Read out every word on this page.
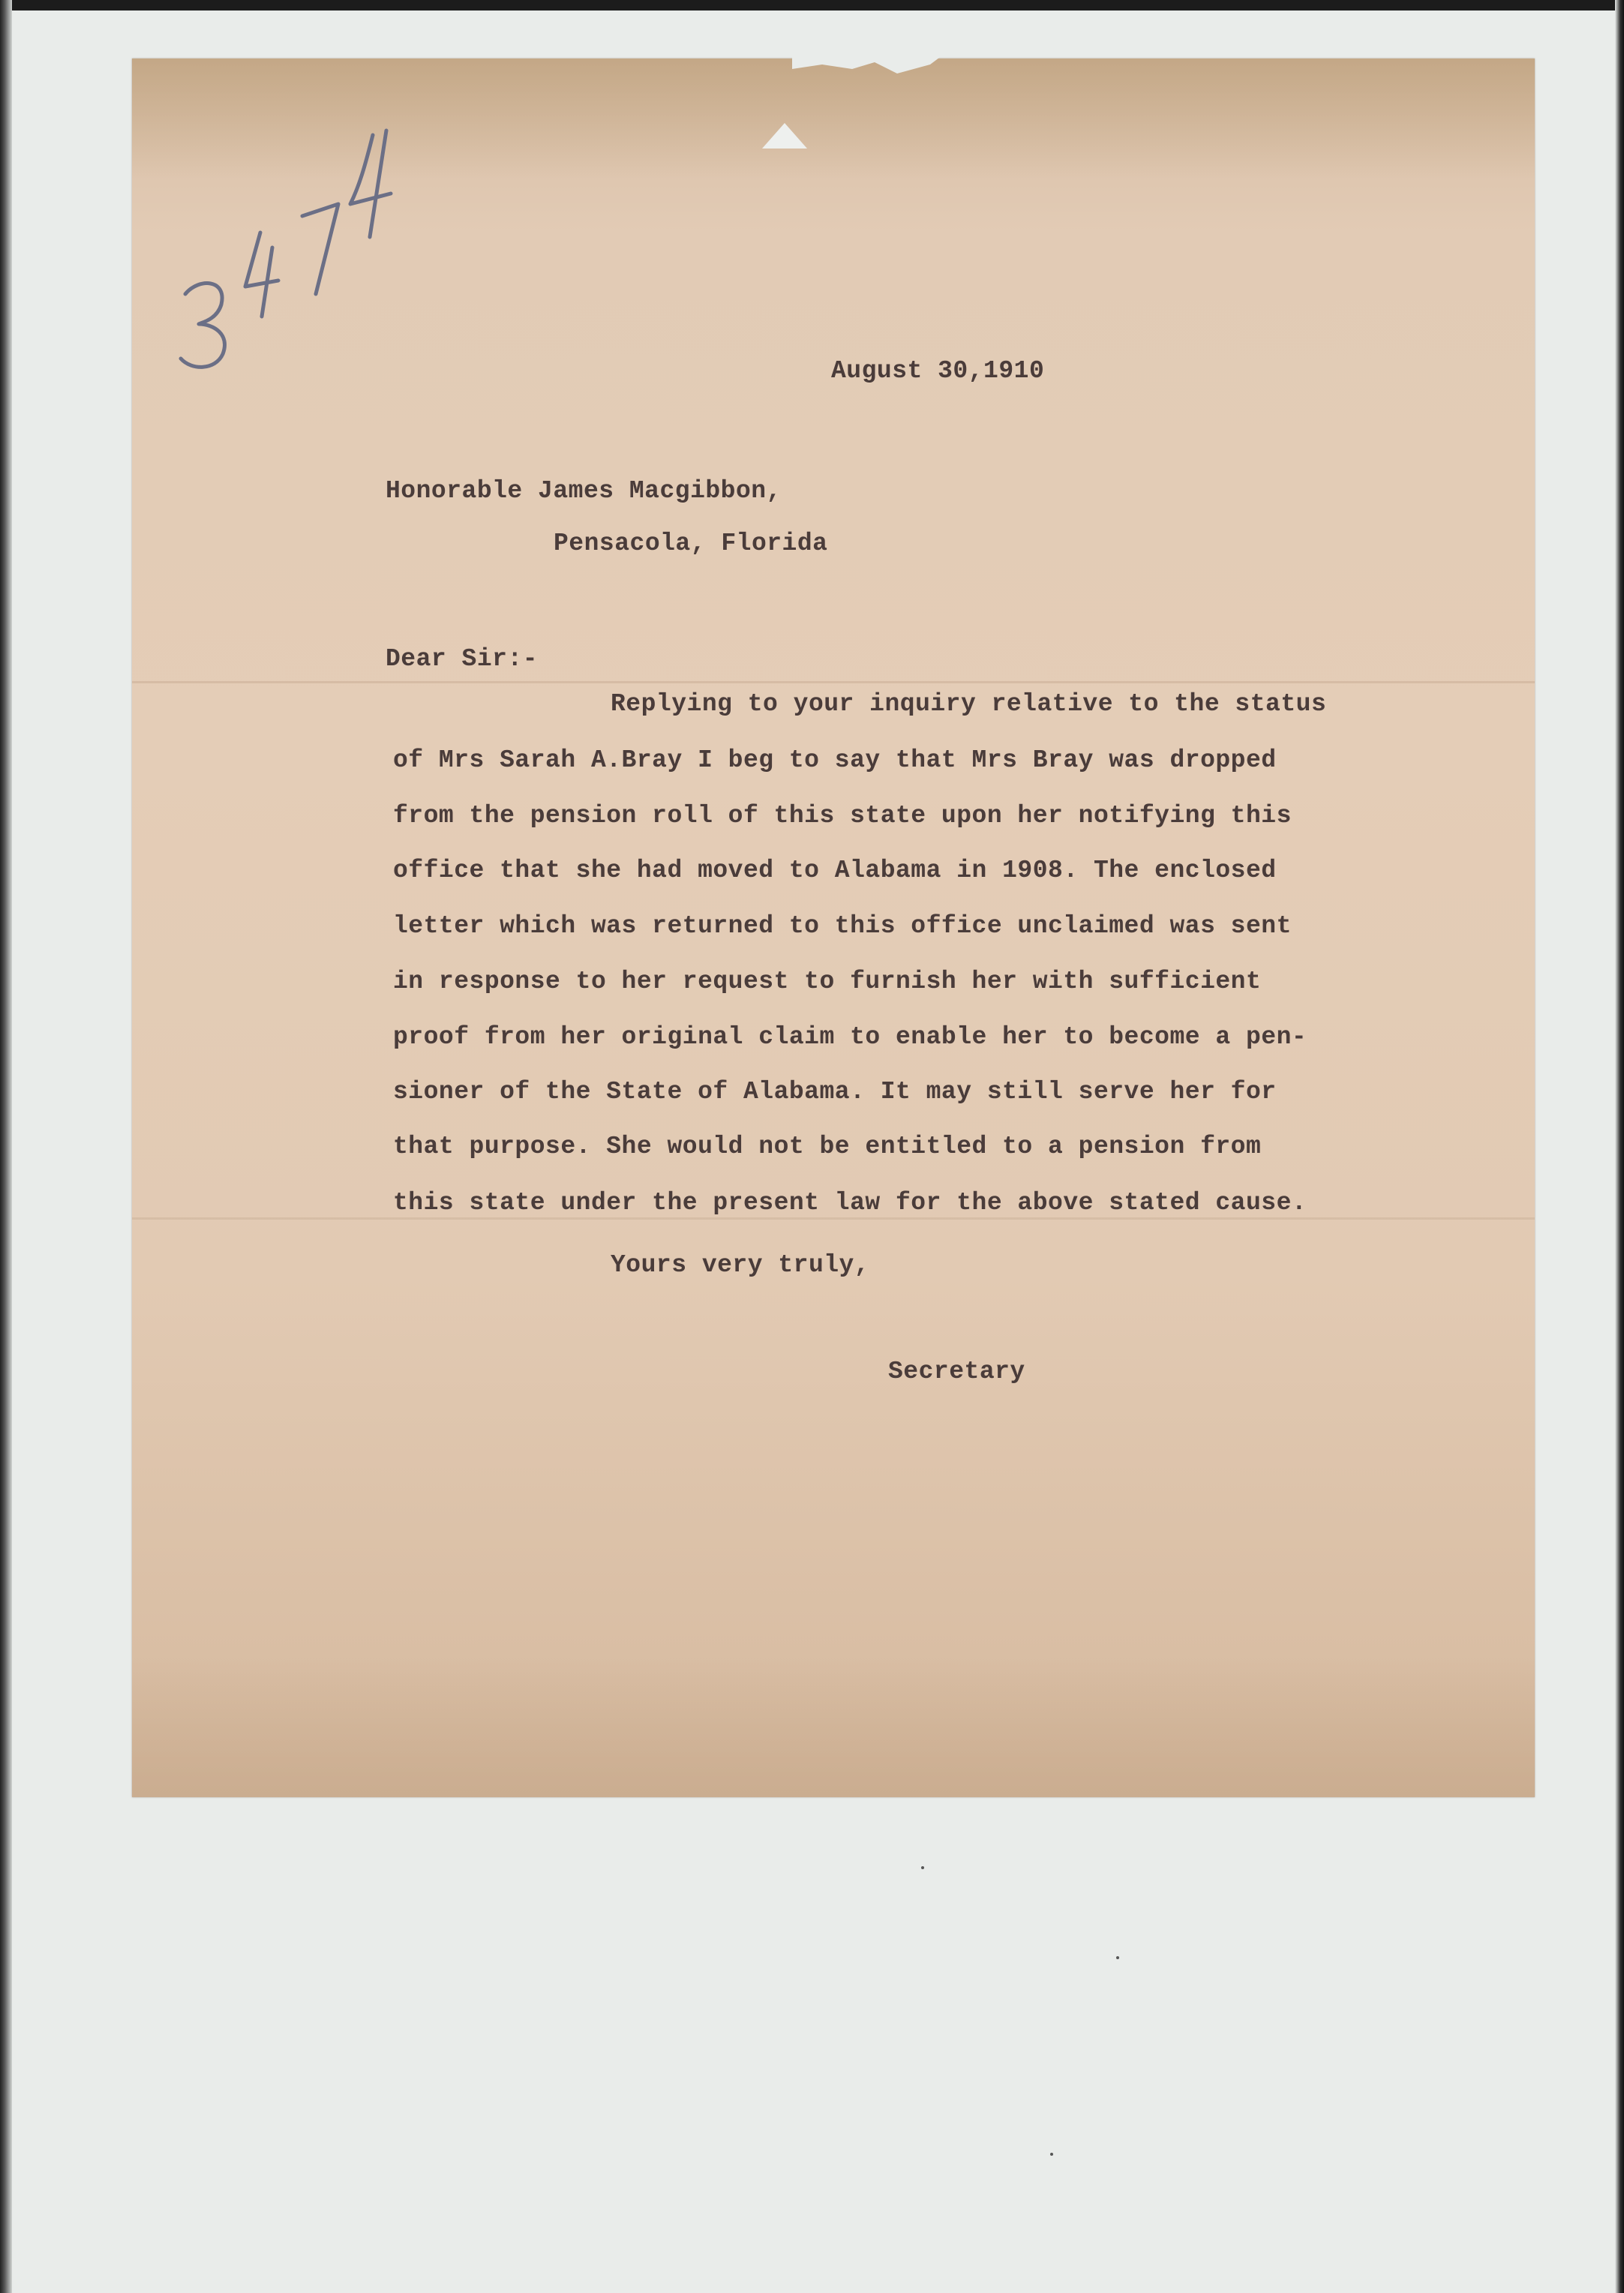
August 30,1910
Honorable James Macgibbon,
Pensacola, Florida
Dear Sir:-
Replying to your inquiry relative to the status
of Mrs Sarah A.Bray I beg to say that Mrs Bray was dropped
from the pension roll of this state upon her notifying this
office that she had moved to Alabama in 1908. The enclosed
letter which was returned to this office unclaimed was sent
in response to her request to furnish her with sufficient
proof from her original claim to enable her to become a pen-
sioner of the State of Alabama. It may still serve her for
that purpose. She would not be entitled to a pension from
this state under the present law for the above stated cause.
Yours very truly,
Secretary
